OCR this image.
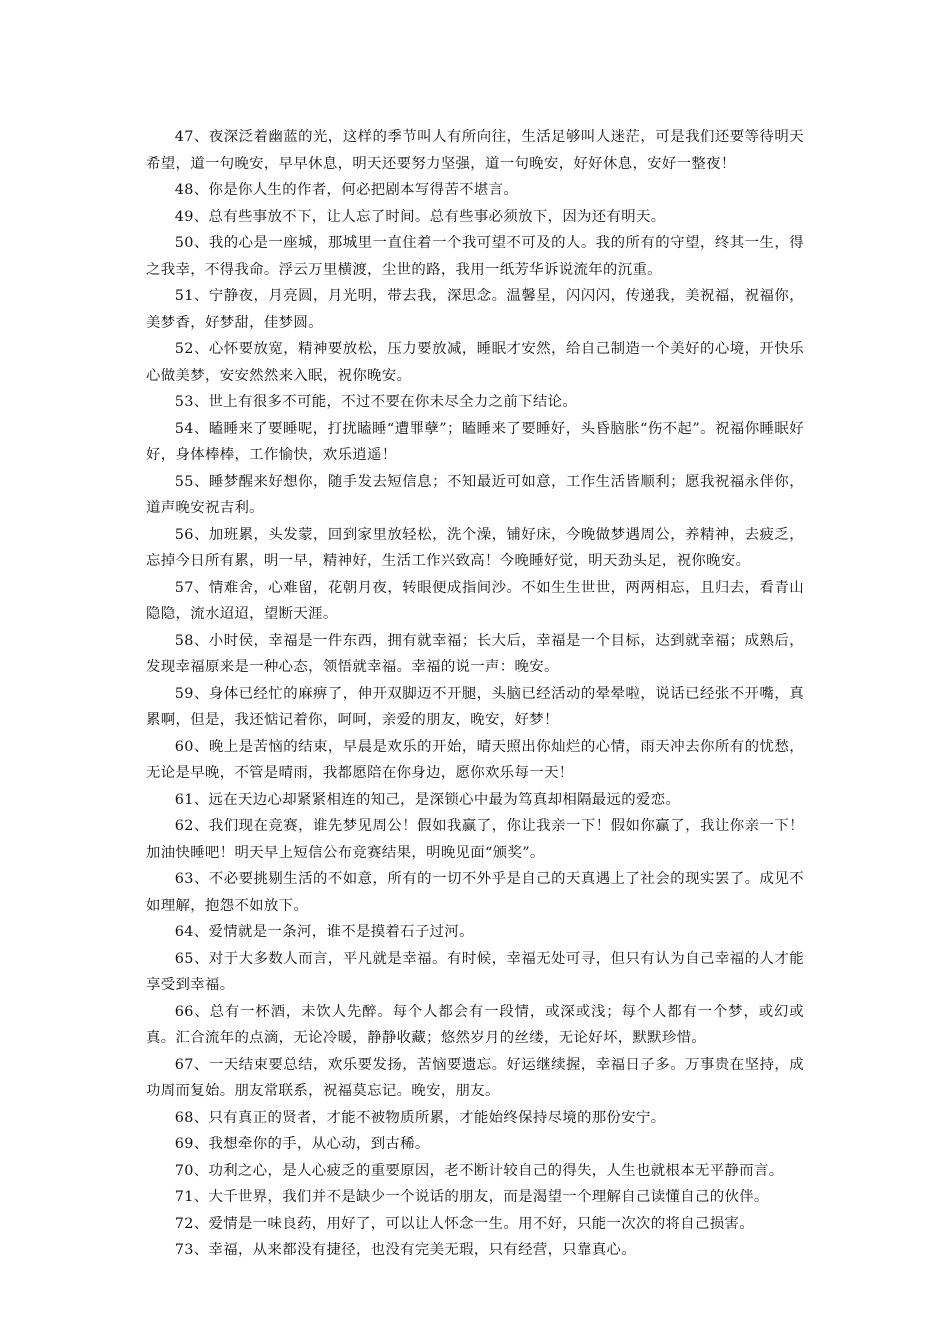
47、夜深泛着幽蓝的光，这样的季节叫人有所向往，生活足够叫人迷茫，可是我们还要等待明天希望，道一句晚安，早早休息，明天还要努力坚强，道一句晚安，好好休息，安好一整夜！

48、你是你人生的作者，何必把剧本写得苦不堪言。

49、总有些事放不下，让人忘了时间。总有些事必须放下，因为还有明天。

50、我的心是一座城，那城里一直住着一个我可望不可及的人。我的所有的守望，终其一生，得之我幸，不得我命。浮云万里横渡，尘世的路，我用一纸芳华诉说流年的沉重。

51、宁静夜，月亮圆，月光明，带去我，深思念。温馨星，闪闪闪，传递我，美祝福，祝福你，美梦香，好梦甜，佳梦圆。

52、心怀要放宽，精神要放松，压力要放减，睡眠才安然，给自己制造一个美好的心境，开快乐心做美梦，安安然然来入眠，祝你晚安。

53、世上有很多不可能，不过不要在你未尽全力之前下结论。

54、瞌睡来了要睡呢，打扰瞌睡“遭罪孽”；瞌睡来了要睡好，头昏脑胀“伤不起”。祝福你睡眠好好，身体棒棒，工作愉快，欢乐逍遥！

55、睡梦醒来好想你，随手发去短信息；不知最近可如意，工作生活皆顺利；愿我祝福永伴你，道声晚安祝吉利。

56、加班累，头发蒙，回到家里放轻松，洗个澡，铺好床，今晚做梦遇周公，养精神，去疲乏，忘掉今日所有累，明一早，精神好，生活工作兴致高！今晚睡好觉，明天劲头足，祝你晚安。

57、情难舍，心难留，花朝月夜，转眼便成指间沙。不如生生世世，两两相忘，且归去，看青山隐隐，流水迢迢，望断天涯。

58、小时侯，幸福是一件东西，拥有就幸福；长大后，幸福是一个目标，达到就幸福；成熟后，发现幸福原来是一种心态，领悟就幸福。幸福的说一声：晚安。

59、身体已经忙的麻痹了，伸开双脚迈不开腿，头脑已经活动的晕晕啦，说话已经张不开嘴，真累啊，但是，我还惦记着你，呵呵，亲爱的朋友，晚安，好梦！

60、晚上是苦恼的结束，早晨是欢乐的开始，晴天照出你灿烂的心情，雨天冲去你所有的忧愁，无论是早晚，不管是晴雨，我都愿陪在你身边，愿你欢乐每一天！

61、远在天边心却紧紧相连的知己，是深锁心中最为笃真却相隔最远的爱恋。

62、我们现在竞赛，谁先梦见周公！假如我赢了，你让我亲一下！假如你赢了，我让你亲一下！加油快睡吧！明天早上短信公布竞赛结果，明晚见面“颁奖”。

63、不必要挑剔生活的不如意，所有的一切不外乎是自己的天真遇上了社会的现实罢了。成见不如理解，抱怨不如放下。

64、爱情就是一条河，谁不是摸着石子过河。

65、对于大多数人而言，平凡就是幸福。有时候，幸福无处可寻，但只有认为自己幸福的人才能享受到幸福。

66、总有一杯酒，未饮人先醉。每个人都会有一段情，或深或浅；每个人都有一个梦，或幻或真。汇合流年的点滴，无论冷暖，静静收藏；悠然岁月的丝缕，无论好坏，默默珍惜。

67、一天结束要总结，欢乐要发扬，苦恼要遗忘。好运继续握，幸福日子多。万事贵在坚持，成功周而复始。朋友常联系，祝福莫忘记。晚安，朋友。

68、只有真正的贤者，才能不被物质所累，才能始终保持尽境的那份安宁。

69、我想牵你的手，从心动，到古稀。

70、功利之心，是人心疲乏的重要原因，老不断计较自己的得失，人生也就根本无平静而言。

71、大千世界，我们并不是缺少一个说话的朋友，而是渴望一个理解自己读懂自己的伙伴。

72、爱情是一味良药，用好了，可以让人怀念一生。用不好，只能一次次的将自己损害。

73、幸福，从来都没有捷径，也没有完美无瑕，只有经营，只靠真心。
